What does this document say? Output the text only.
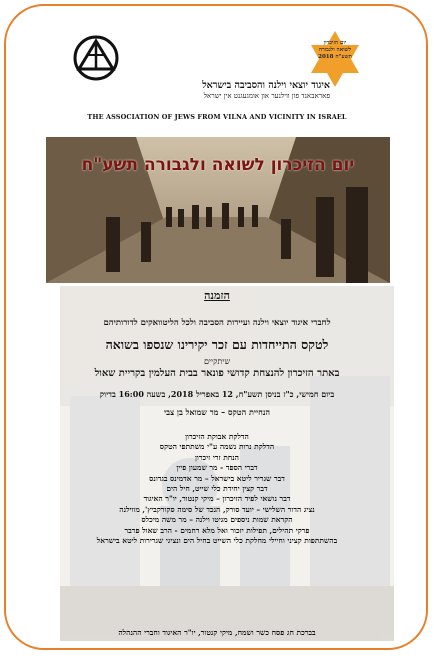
יום הזיכרון
לשואה ולגבורה
תשע"ח 2018
איגוד יוצאי וילנה והסביבה בישראל
פאראבאנד פון ווילנער און אומגעגנט אין ישראל
THE ASSOCIATION OF JEWS FROM VILNA AND VICINITY IN ISRAEL
יום הזיכרון לשואה ולגבורה תשע"ח
הזמנה
לחברי איגוד יוצאי וילנה ועיירות הסביבה ולכל הליטוואקים לדורותיהם
לטקס התייחדות עם זכר יקירינו שנספו בשואה
שיתקיים
באתר הזיכרון להנצחת קדושי פונאר בבית העלמין בקריית שאול
ביום חמישי, כ"ז בניסן תשע"ח, 12 באפריל 2018, בשעה 16:00 בדיוק
הנחיית הטקס – מר שמואל בן צבי
הדלקת אבוקת הזיכרון
הדלקת נרות נשמה ע"י משתתפי הטקס
הנחת זרי זיכרון
דברי הספד - מר שמעון פיין
דבר שגריר ליטא בישראל – מר אדמינס בגדונס
דבר קצין יחידת כלי שייט, חיל הים
דבר נושאי לפיד הזיכרון – מיקי קנטור, יו"ר האיגוד
נציג הדור השלישי – יועד סורק, הנכד של סימה סקורקביץ', מווילנה
הקראת שמות ניספים מגיטו וילנה – מר משה מיכלס
פרקי תהילים, תפילות יזכור ואל מלא רחמים - הרב שאול פרבר
בהשתתפות קציני וחיילי מחלקת כלי השייט בחיל הים ונציגי שגרירות ליטא בישראל
בברכת חג פסח כשר ושמח, מיקי קנטור, יו"ר האיגוד וחברי ההנהלה
